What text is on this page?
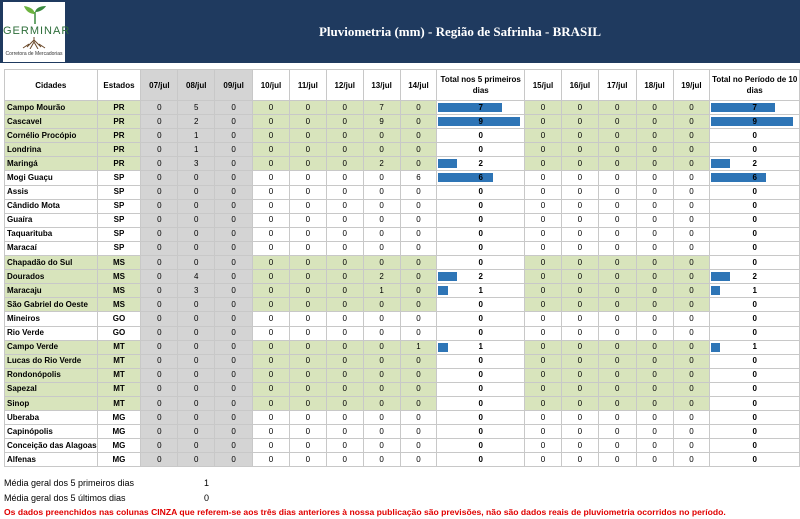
GERMINAR
Corretora de Mercadorias
Pluviometria (mm) - Região de Safrinha - BRASIL
Cidades	Estados	07/jul	08/jul	09/jul	10/jul	11/jul	12/jul	13/jul	14/jul	Total nos 5 primeiros dias	15/jul	16/jul	17/jul	18/jul	19/jul	Total no Período de 10 dias
Campo Mourão	PR	0	5	0	0	0	0	7	0	7	0	0	0	0	0	7
Cascavel	PR	0	2	0	0	0	0	9	0	9	0	0	0	0	0	9
Cornélio Procópio	PR	0	1	0	0	0	0	0	0	0	0	0	0	0	0	0
Londrina	PR	0	1	0	0	0	0	0	0	0	0	0	0	0	0	0
Maringá	PR	0	3	0	0	0	0	2	0	2	0	0	0	0	0	2
Mogi Guaçu	SP	0	0	0	0	0	0	0	6	6	0	0	0	0	0	6
Assis	SP	0	0	0	0	0	0	0	0	0	0	0	0	0	0	0
Cândido Mota	SP	0	0	0	0	0	0	0	0	0	0	0	0	0	0	0
Guaíra	SP	0	0	0	0	0	0	0	0	0	0	0	0	0	0	0
Taquarituba	SP	0	0	0	0	0	0	0	0	0	0	0	0	0	0	0
Maracaí	SP	0	0	0	0	0	0	0	0	0	0	0	0	0	0	0
Chapadão do Sul	MS	0	0	0	0	0	0	0	0	0	0	0	0	0	0	0
Dourados	MS	0	4	0	0	0	0	2	0	2	0	0	0	0	0	2
Maracaju	MS	0	3	0	0	0	0	1	0	1	0	0	0	0	0	1
São Gabriel do Oeste	MS	0	0	0	0	0	0	0	0	0	0	0	0	0	0	0
Mineiros	GO	0	0	0	0	0	0	0	0	0	0	0	0	0	0	0
Rio Verde	GO	0	0	0	0	0	0	0	0	0	0	0	0	0	0	0
Campo Verde	MT	0	0	0	0	0	0	0	1	1	0	0	0	0	0	1
Lucas do Rio Verde	MT	0	0	0	0	0	0	0	0	0	0	0	0	0	0	0
Rondonópolis	MT	0	0	0	0	0	0	0	0	0	0	0	0	0	0	0
Sapezal	MT	0	0	0	0	0	0	0	0	0	0	0	0	0	0	0
Sinop	MT	0	0	0	0	0	0	0	0	0	0	0	0	0	0	0
Uberaba	MG	0	0	0	0	0	0	0	0	0	0	0	0	0	0	0
Capinópolis	MG	0	0	0	0	0	0	0	0	0	0	0	0	0	0	0
Conceição das Alagoas	MG	0	0	0	0	0	0	0	0	0	0	0	0	0	0	0
Alfenas	MG	0	0	0	0	0	0	0	0	0	0	0	0	0	0	0
Média geral dos 5 primeiros dias	1
Média geral dos 5 últimos dias	0
Os dados preenchidos nas colunas CINZA que referem-se aos três dias anteriores à nossa publicação são previsões, não são dados reais de pluviometria ocorridos no período.
